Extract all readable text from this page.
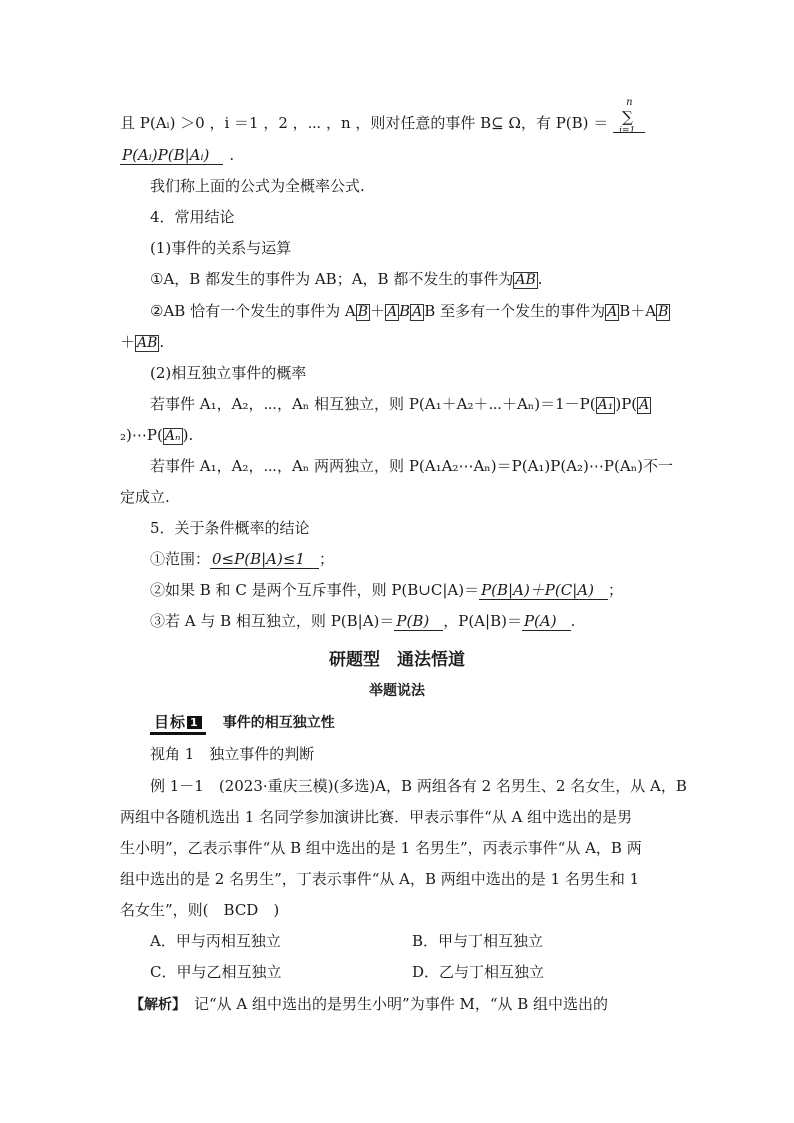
且 P(Aᵢ) ＞0 ，i ＝1 ，2 ，⋯ ，n ，则对任意的事件 B⊆ Ω，有 P(B) ＝
n
∑
i=1
P(Aᵢ)P(B|Aᵢ) .
我们称上面的公式为全概率公式.
4．常用结论
(1)事件的关系与运算
①A，B 都发生的事件为 AB；A，B 都不发生的事件为 AB .
②AB 恰有一个发生的事件为 A B ＋ A B A B 至多有一个发生的事件为 A B＋A B
＋ AB .
(2)相互独立事件的概率
若事件 A₁，A₂，⋯，Aₙ 相互独立，则 P(A₁＋A₂＋⋯＋Aₙ)＝1－P( A₁ )P( A
₂)⋯P( Aₙ ).
若事件 A₁，A₂，⋯，Aₙ 两两独立，则 P(A₁A₂⋯Aₙ)＝P(A₁)P(A₂)⋯P(Aₙ)不一
定成立.
5．关于条件概率的结论
①范围： 0≤P(B|A)≤1 ；
②如果 B 和 C 是两个互斥事件，则 P(B∪C|A)＝ P(B|A)＋P(C|A) ；
③若 A 与 B 相互独立，则 P(B|A)＝ P(B) ，P(A|B)＝ P(A) .
研题型　通法悟道
举题说法
目标 1 事件的相互独立性
视角 1　独立事件的判断
例 1－1　(2023·重庆三模)(多选)A，B 两组各有 2 名男生、2 名女生，从 A，B
两组中各随机选出 1 名同学参加演讲比赛．甲表示事件“从 A 组中选出的是男
生小明”，乙表示事件“从 B 组中选出的是 1 名男生”，丙表示事件“从 A，B 两
组中选出的是 2 名男生”，丁表示事件“从 A，B 两组中选出的是 1 名男生和 1
名女生”，则(　BCD　)
A．甲与丙相互独立	B．甲与丁相互独立
C．甲与乙相互独立	D．乙与丁相互独立
【解析】 记“从 A 组中选出的是男生小明”为事件 M，“从 B 组中选出的
